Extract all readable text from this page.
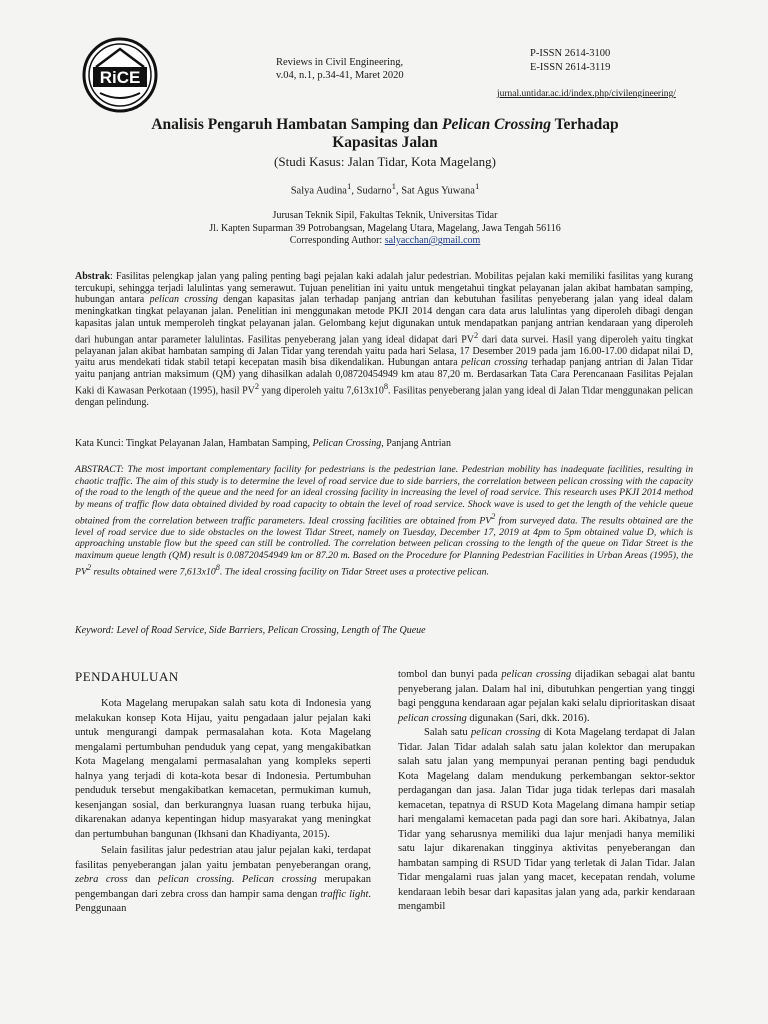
RiCE
Reviews in Civil Engineering,
v.04, n.1, p.34-41, Maret 2020
P-ISSN 2614-3100
E-ISSN 2614-3119
jurnal.untidar.ac.id/index.php/civilengineering/
Analisis Pengaruh Hambatan Samping dan Pelican Crossing Terhadap
Kapasitas Jalan
(Studi Kasus: Jalan Tidar, Kota Magelang)
Salya Audina$^1$, Sudarno$^1$, Sat Agus Yuwana$^1$
Jurusan Teknik Sipil, Fakultas Teknik, Universitas Tidar
Jl. Kapten Suparman 39 Potrobangsan, Magelang Utara, Magelang, Jawa Tengah 56116
Corresponding Author: salyacchan@gmail.com
Abstrak: Fasilitas pelengkap jalan yang paling penting bagi pejalan kaki adalah jalur pedestrian. Mobilitas pejalan kaki memiliki fasilitas yang kurang tercukupi, sehingga terjadi lalulintas yang semerawut. Tujuan penelitian ini yaitu untuk mengetahui tingkat pelayanan jalan akibat hambatan samping, hubungan antara pelican crossing dengan kapasitas jalan terhadap panjang antrian dan kebutuhan fasilitas penyeberang jalan yang ideal dalam meningkatkan tingkat pelayanan jalan. Penelitian ini menggunakan metode PKJI 2014 dengan cara data arus lalulintas yang diperoleh dibagi dengan kapasitas jalan untuk memperoleh tingkat pelayanan jalan. Gelombang kejut digunakan untuk mendapatkan panjang antrian kendaraan yang diperoleh dari hubungan antar parameter lalulintas. Fasilitas penyeberang jalan yang ideal didapat dari $PV^2$ dari data survei. Hasil yang diperoleh yaitu tingkat pelayanan jalan akibat hambatan samping di Jalan Tidar yang terendah yaitu pada hari Selasa, 17 Desember 2019 pada jam 16.00-17.00 didapat nilai D, yaitu arus mendekati tidak stabil tetapi kecepatan masih bisa dikendalikan. Hubungan antara pelican crossing terhadap panjang antrian di Jalan Tidar yaitu panjang antrian maksimum (QM) yang dihasilkan adalah 0,08720454949 km atau 87,20 m. Berdasarkan Tata Cara Perencanaan Fasilitas Pejalan Kaki di Kawasan Perkotaan (1995), hasil $PV^2$ yang diperoleh yaitu $7,613x10^8$. Fasilitas penyeberang jalan yang ideal di Jalan Tidar menggunakan pelican dengan pelindung.
Kata Kunci: Tingkat Pelayanan Jalan, Hambatan Samping, Pelican Crossing, Panjang Antrian
ABSTRACT: The most important complementary facility for pedestrians is the pedestrian lane. Pedestrian mobility has inadequate facilities, resulting in chaotic traffic. The aim of this study is to determine the level of road service due to side barriers, the correlation between pelican crossing with the capacity of the road to the length of the queue and the need for an ideal crossing facility in increasing the level of road service. This research uses PKJI 2014 method by means of traffic flow data obtained divided by road capacity to obtain the level of road service. Shock wave is used to get the length of the vehicle queue obtained from the correlation between traffic parameters. Ideal crossing facilities are obtained from $PV^2$ from surveyed data. The results obtained are the level of road service due to side obstacles on the lowest Tidar Street, namely on Tuesday, December 17, 2019 at 4pm to 5pm obtained value D, which is approaching unstable flow but the speed can still be controlled. The correlation between pelican crossing to the length of the queue on Tidar Street is the maximum queue length (QM) result is 0.08720454949 km or 87.20 m. Based on the Procedure for Planning Pedestrian Facilities in Urban Areas (1995), the $PV^2$ results obtained were $7,613x10^8$. The ideal crossing facility on Tidar Street uses a protective pelican.
Keyword: Level of Road Service, Side Barriers, Pelican Crossing, Length of The Queue
PENDAHULUAN

Kota Magelang merupakan salah satu kota di Indonesia yang melakukan konsep Kota Hijau, yaitu pengadaan jalur pejalan kaki untuk mengurangi dampak permasalahan kota. Kota Magelang mengalami pertumbuhan penduduk yang cepat, yang mengakibatkan Kota Magelang mengalami permasalahan yang kompleks seperti halnya yang terjadi di kota-kota besar di Indonesia. Pertumbuhan penduduk tersebut mengakibatkan kemacetan, permukiman kumuh, kesenjangan sosial, dan berkurangnya luasan ruang terbuka hijau, dikarenakan adanya kepentingan hidup masyarakat yang meningkat dan pertumbuhan bangunan (Ikhsani dan Khadiyanta, 2015).

Selain fasilitas jalur pedestrian atau jalur pejalan kaki, terdapat fasilitas penyeberangan jalan yaitu jembatan penyeberangan orang, zebra cross dan pelican crossing. Pelican crossing merupakan pengembangan dari zebra cross dan hampir sama dengan traffic light. Penggunaan

tombol dan bunyi pada pelican crossing dijadikan sebagai alat bantu penyeberang jalan. Dalam hal ini, dibutuhkan pengertian yang tinggi bagi pengguna kendaraan agar pejalan kaki selalu diprioritaskan disaat pelican crossing digunakan (Sari, dkk. 2016).

Salah satu pelican crossing di Kota Magelang terdapat di Jalan Tidar. Jalan Tidar adalah salah satu jalan kolektor dan merupakan salah satu jalan yang mempunyai peranan penting bagi penduduk Kota Magelang dalam mendukung perkembangan sektor-sektor perdagangan dan jasa. Jalan Tidar juga tidak terlepas dari masalah kemacetan, tepatnya di RSUD Kota Magelang dimana hampir setiap hari mengalami kemacetan pada pagi dan sore hari. Akibatnya, Jalan Tidar yang seharusnya memiliki dua lajur menjadi hanya memiliki satu lajur dikarenakan tingginya aktivitas penyeberangan dan hambatan samping di RSUD Tidar yang terletak di Jalan Tidar. Jalan Tidar mengalami ruas jalan yang macet, kecepatan rendah, volume kendaraan lebih besar dari kapasitas jalan yang ada, parkir kendaraan mengambil
